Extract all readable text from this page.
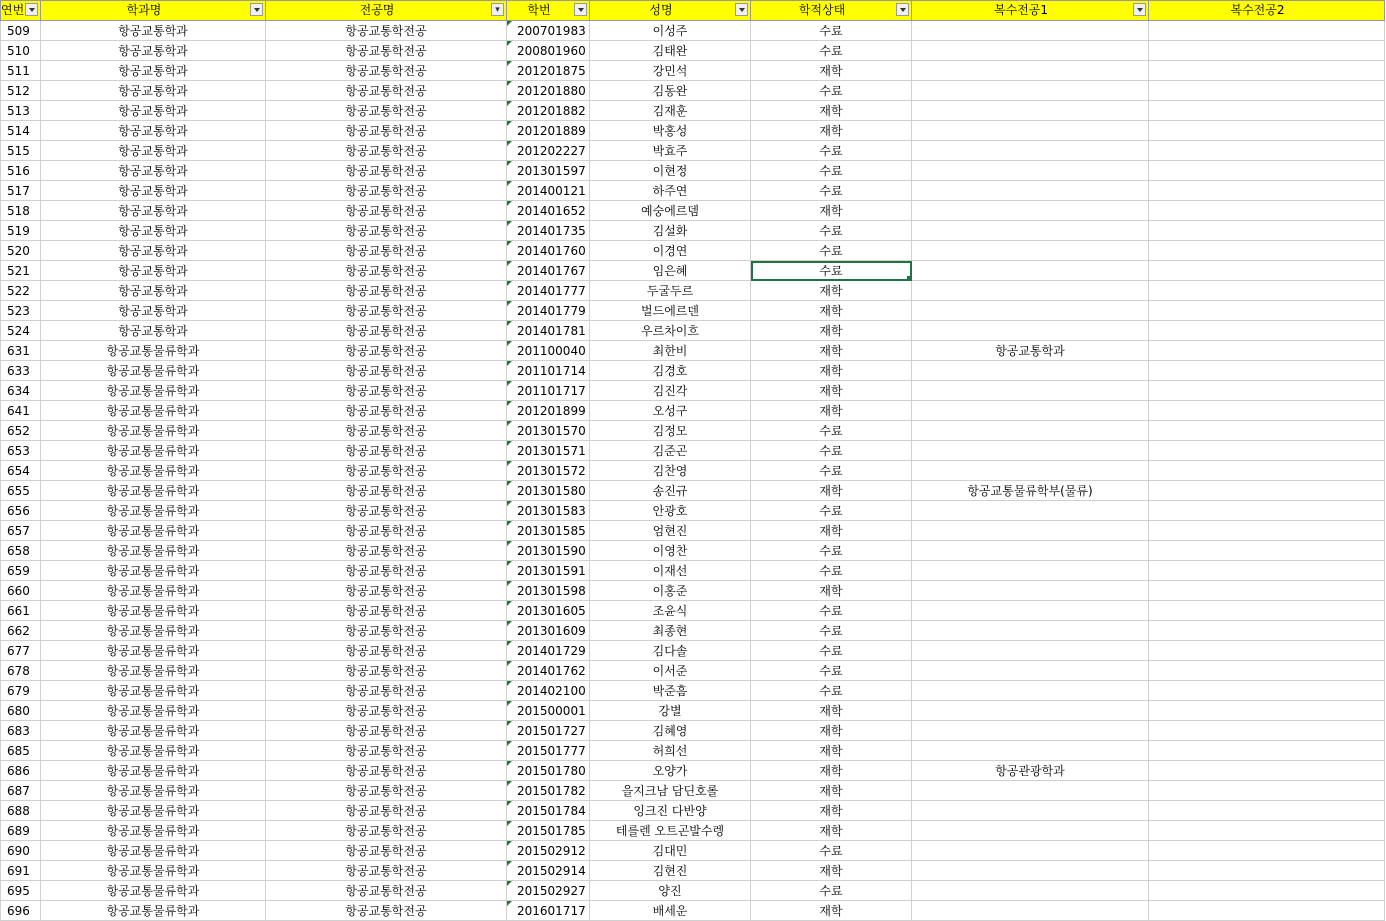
연번	학과명	전공명 ▾	학번	성명	학적상태	복수전공1	복수전공2

509	항공교통학과	항공교통학전공	200701983	이성주	수료		
510	항공교통학과	항공교통학전공	200801960	김태완	수료		
511	항공교통학과	항공교통학전공	201201875	강민석	재학		
512	항공교통학과	항공교통학전공	201201880	김동완	수료		
513	항공교통학과	항공교통학전공	201201882	김재훈	재학		
514	항공교통학과	항공교통학전공	201201889	박홍성	재학		
515	항공교통학과	항공교통학전공	201202227	박효주	수료		
516	항공교통학과	항공교통학전공	201301597	이현정	수료		
517	항공교통학과	항공교통학전공	201400121	하주연	수료		
518	항공교통학과	항공교통학전공	201401652	예숭에르뎀	재학		
519	항공교통학과	항공교통학전공	201401735	김설화	수료		
520	항공교통학과	항공교통학전공	201401760	이경연	수료		
521	항공교통학과	항공교통학전공	201401767	임은혜	수료

522	항공교통학과	항공교통학전공	201401777	두굴두르	재학		
523	항공교통학과	항공교통학전공	201401779	벌드에르덴	재학		
524	항공교통학과	항공교통학전공	201401781	우르차이흐	재학		
631	항공교통물류학과	항공교통학전공	201100040	최한비	재학	항공교통학과	
633	항공교통물류학과	항공교통학전공	201101714	김경호	재학		
634	항공교통물류학과	항공교통학전공	201101717	김진각	재학		
641	항공교통물류학과	항공교통학전공	201201899	오성구	재학		
652	항공교통물류학과	항공교통학전공	201301570	김정모	수료		
653	항공교통물류학과	항공교통학전공	201301571	김준곤	수료		
654	항공교통물류학과	항공교통학전공	201301572	김찬영	수료		
655	항공교통물류학과	항공교통학전공	201301580	송진규	재학	항공교통물류학부(물류)	
656	항공교통물류학과	항공교통학전공	201301583	안광호	수료		
657	항공교통물류학과	항공교통학전공	201301585	엄현진	재학		
658	항공교통물류학과	항공교통학전공	201301590	이영찬	수료		
659	항공교통물류학과	항공교통학전공	201301591	이재선	수료		
660	항공교통물류학과	항공교통학전공	201301598	이홍준	재학		
661	항공교통물류학과	항공교통학전공	201301605	조윤식	수료		
662	항공교통물류학과	항공교통학전공	201301609	최종현	수료		
677	항공교통물류학과	항공교통학전공	201401729	김다솔	수료		
678	항공교통물류학과	항공교통학전공	201401762	이서준	수료		
679	항공교통물류학과	항공교통학전공	201402100	박준흠	수료		
680	항공교통물류학과	항공교통학전공	201500001	강별	재학		
683	항공교통물류학과	항공교통학전공	201501727	김혜영	재학		
685	항공교통물류학과	항공교통학전공	201501777	허희선	재학		
686	항공교통물류학과	항공교통학전공	201501780	오양가	재학	항공관광학과	
687	항공교통물류학과	항공교통학전공	201501782	을지크남 담딘호롤	재학		
688	항공교통물류학과	항공교통학전공	201501784	잉크진 다반양	재학		
689	항공교통물류학과	항공교통학전공	201501785	테를렌 오트곤발수렝	재학		
690	항공교통물류학과	항공교통학전공	201502912	김대민	수료		
691	항공교통물류학과	항공교통학전공	201502914	김현진	재학		
695	항공교통물류학과	항공교통학전공	201502927	양진	수료		
696	항공교통물류학과	항공교통학전공	201601717	배세운	재학		
